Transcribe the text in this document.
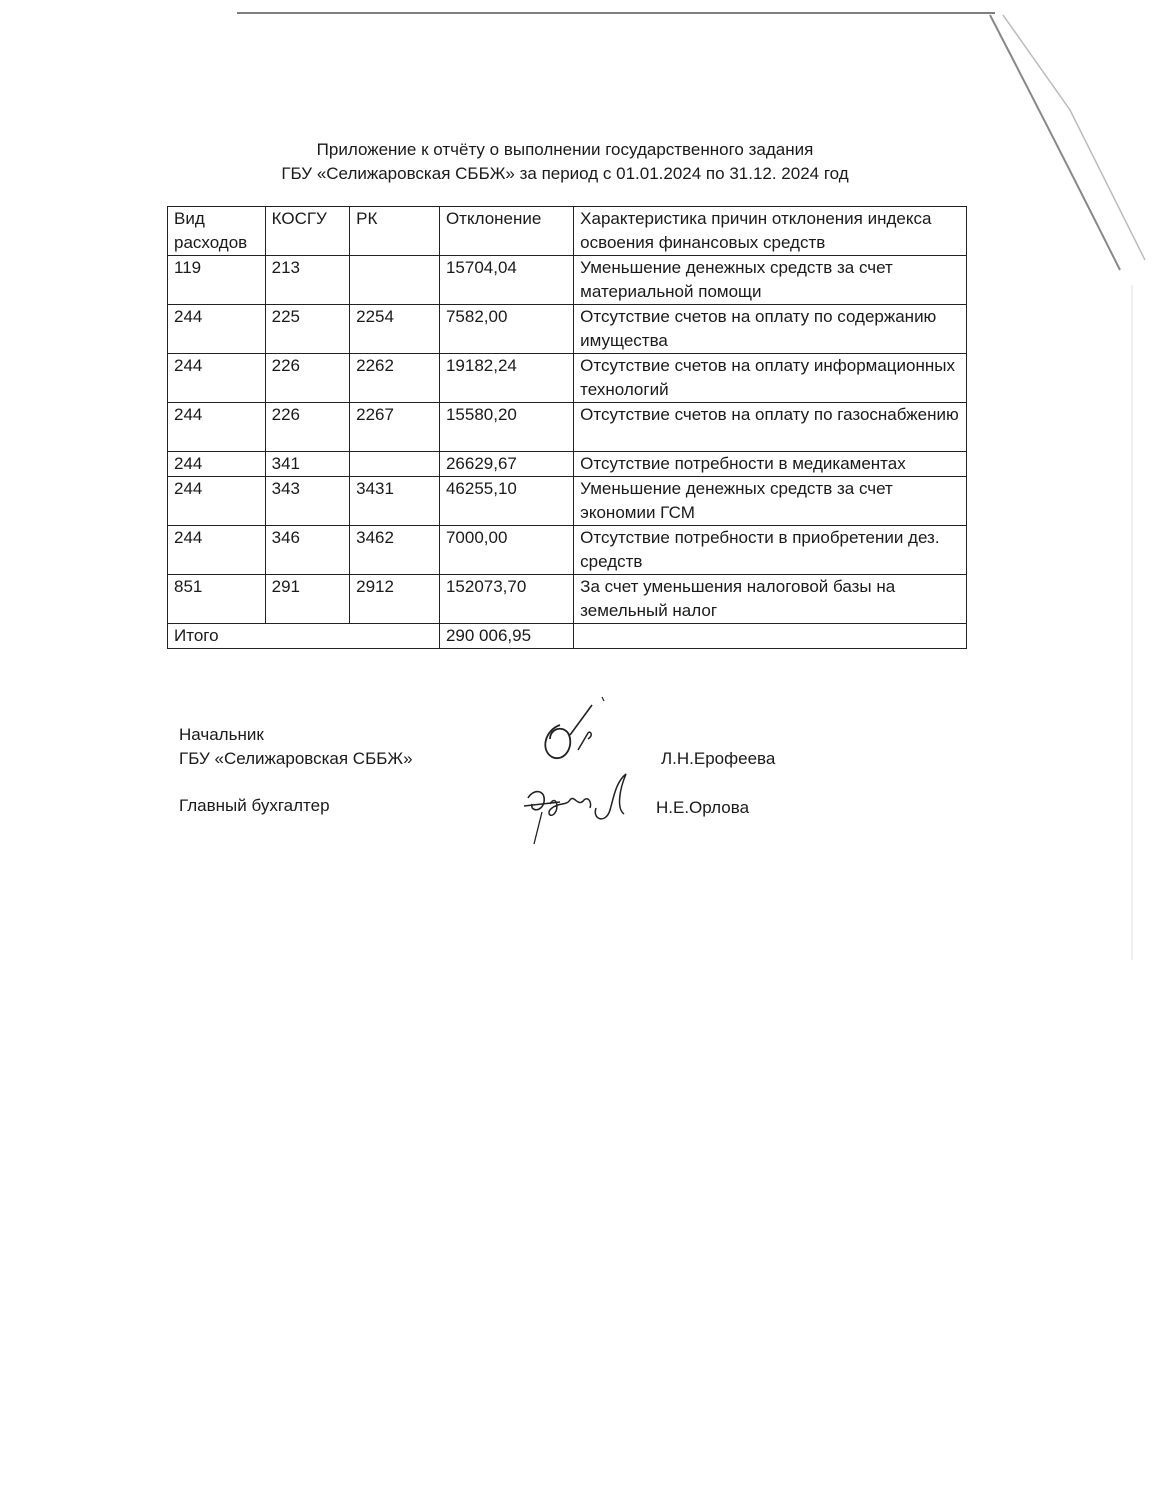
Приложение к отчёту о выполнении государственного задания
ГБУ «Селижаровская СББЖ» за период с 01.01.2024 по 31.12. 2024 год
Вид расходов	КОСГУ	РК	Отклонение	Характеристика причин отклонения индекса освоения финансовых средств
119	213		15704,04	Уменьшение денежных средств за счет материальной помощи
244	225	2254	7582,00	Отсутствие счетов на оплату по содержанию имущества
244	226	2262	19182,24	Отсутствие счетов на оплату информационных технологий
244	226	2267	15580,20	Отсутствие счетов на оплату по газоснабжению
244	341		26629,67	Отсутствие потребности в медикаментах
244	343	3431	46255,10	Уменьшение денежных средств за счет экономии ГСМ
244	346	3462	7000,00	Отсутствие потребности в приобретении дез. средств
851	291	2912	152073,70	За счет уменьшения налоговой базы на земельный налог
Итого			290 006,95	
Начальник
ГБУ «Селижаровская СББЖ»	Л.Н.Ерофеева
Главный бухгалтер	Н.Е.Орлова
